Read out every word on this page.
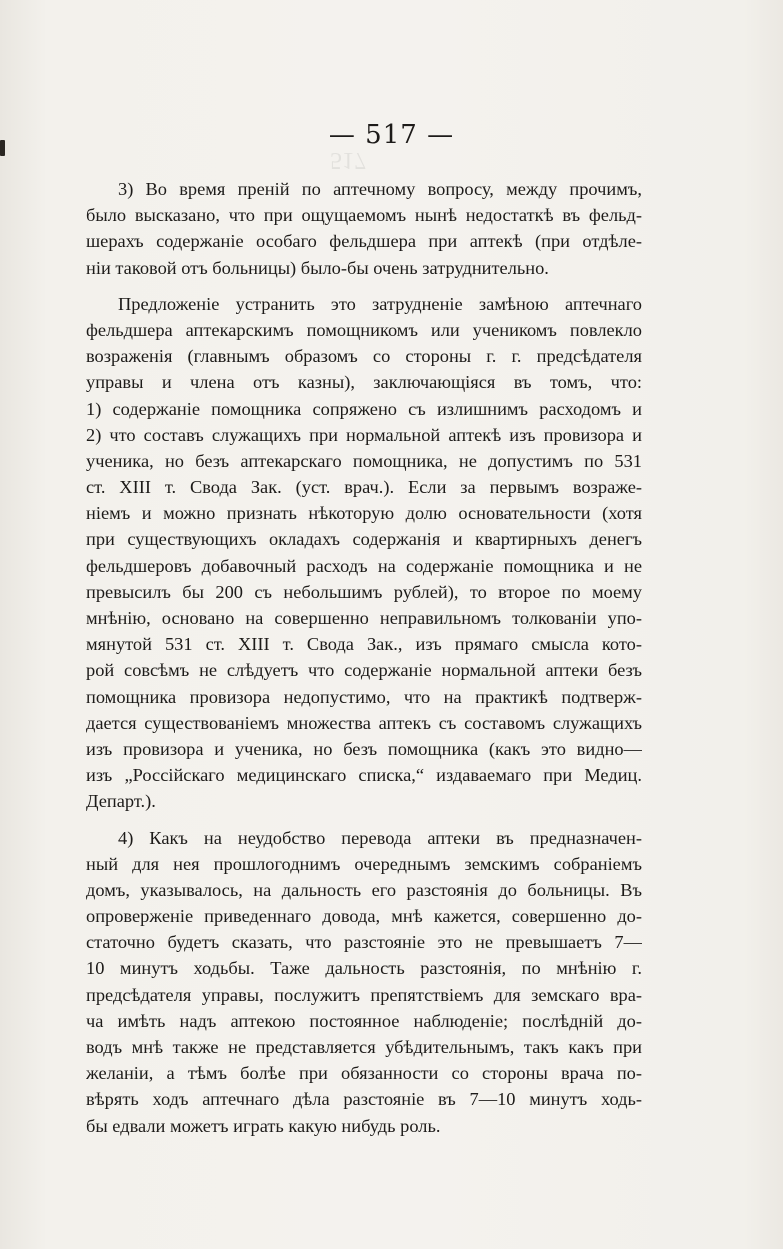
517
— 517 —
3) Во время преній по аптечному вопросу, между прочимъ,
было высказано, что при ощущаемомъ нынѣ недостаткѣ въ фельд-
шерахъ содержаніе особаго фельдшера при аптекѣ (при отдѣле-
ніи таковой отъ больницы) было-бы очень затруднительно.
Предложеніе устранить это затрудненіе замѣною аптечнаго
фельдшера аптекарскимъ помощникомъ или ученикомъ повлекло
возраженія (главнымъ образомъ со стороны г. г. предсѣдателя
управы и члена отъ казны), заключающіяся въ томъ, что:
1) содержаніе помощника сопряжено съ излишнимъ расходомъ и
2) что составъ служащихъ при нормальной аптекѣ изъ провизора и
ученика, но безъ аптекарскаго помощника, не допустимъ по 531
ст. XIII т. Свода Зак. (уст. врач.). Если за первымъ возраже-
ніемъ и можно признать нѣкоторую долю основательности (хотя
при существующихъ окладахъ содержанія и квартирныхъ денегъ
фельдшеровъ добавочный расходъ на содержаніе помощника и не
превысилъ бы 200 съ небольшимъ рублей), то второе по моему
мнѣнію, основано на совершенно неправильномъ толкованіи упо-
мянутой 531 ст. XIII т. Свода Зак., изъ прямаго смысла кото-
рой совсѣмъ не слѣдуетъ что содержаніе нормальной аптеки безъ
помощника провизора недопустимо, что на практикѣ подтверж-
дается существованіемъ множества аптекъ съ составомъ служащихъ
изъ провизора и ученика, но безъ помощника (какъ это видно—
изъ „Россійскаго медицинскаго списка,“ издаваемаго при Медиц.
Департ.).
4) Какъ на неудобство перевода аптеки въ предназначен-
ный для нея прошлогоднимъ очереднымъ земскимъ собраніемъ
домъ, указывалось, на дальность его разстоянія до больницы. Въ
опроверженіе приведеннаго довода, мнѣ кажется, совершенно до-
статочно будетъ сказать, что разстояніе это не превышаетъ 7—
10 минутъ ходьбы. Таже дальность разстоянія, по мнѣнію г.
предсѣдателя управы, послужитъ препятствіемъ для земскаго вра-
ча имѣть надъ аптекою постоянное наблюденіе; послѣдній до-
водъ мнѣ также не представляется убѣдительнымъ, такъ какъ при
желаніи, а тѣмъ болѣе при обязанности со стороны врача по-
вѣрять ходъ аптечнаго дѣла разстояніе въ 7—10 минутъ ходь-
бы едвали можетъ играть какую нибудь роль.
